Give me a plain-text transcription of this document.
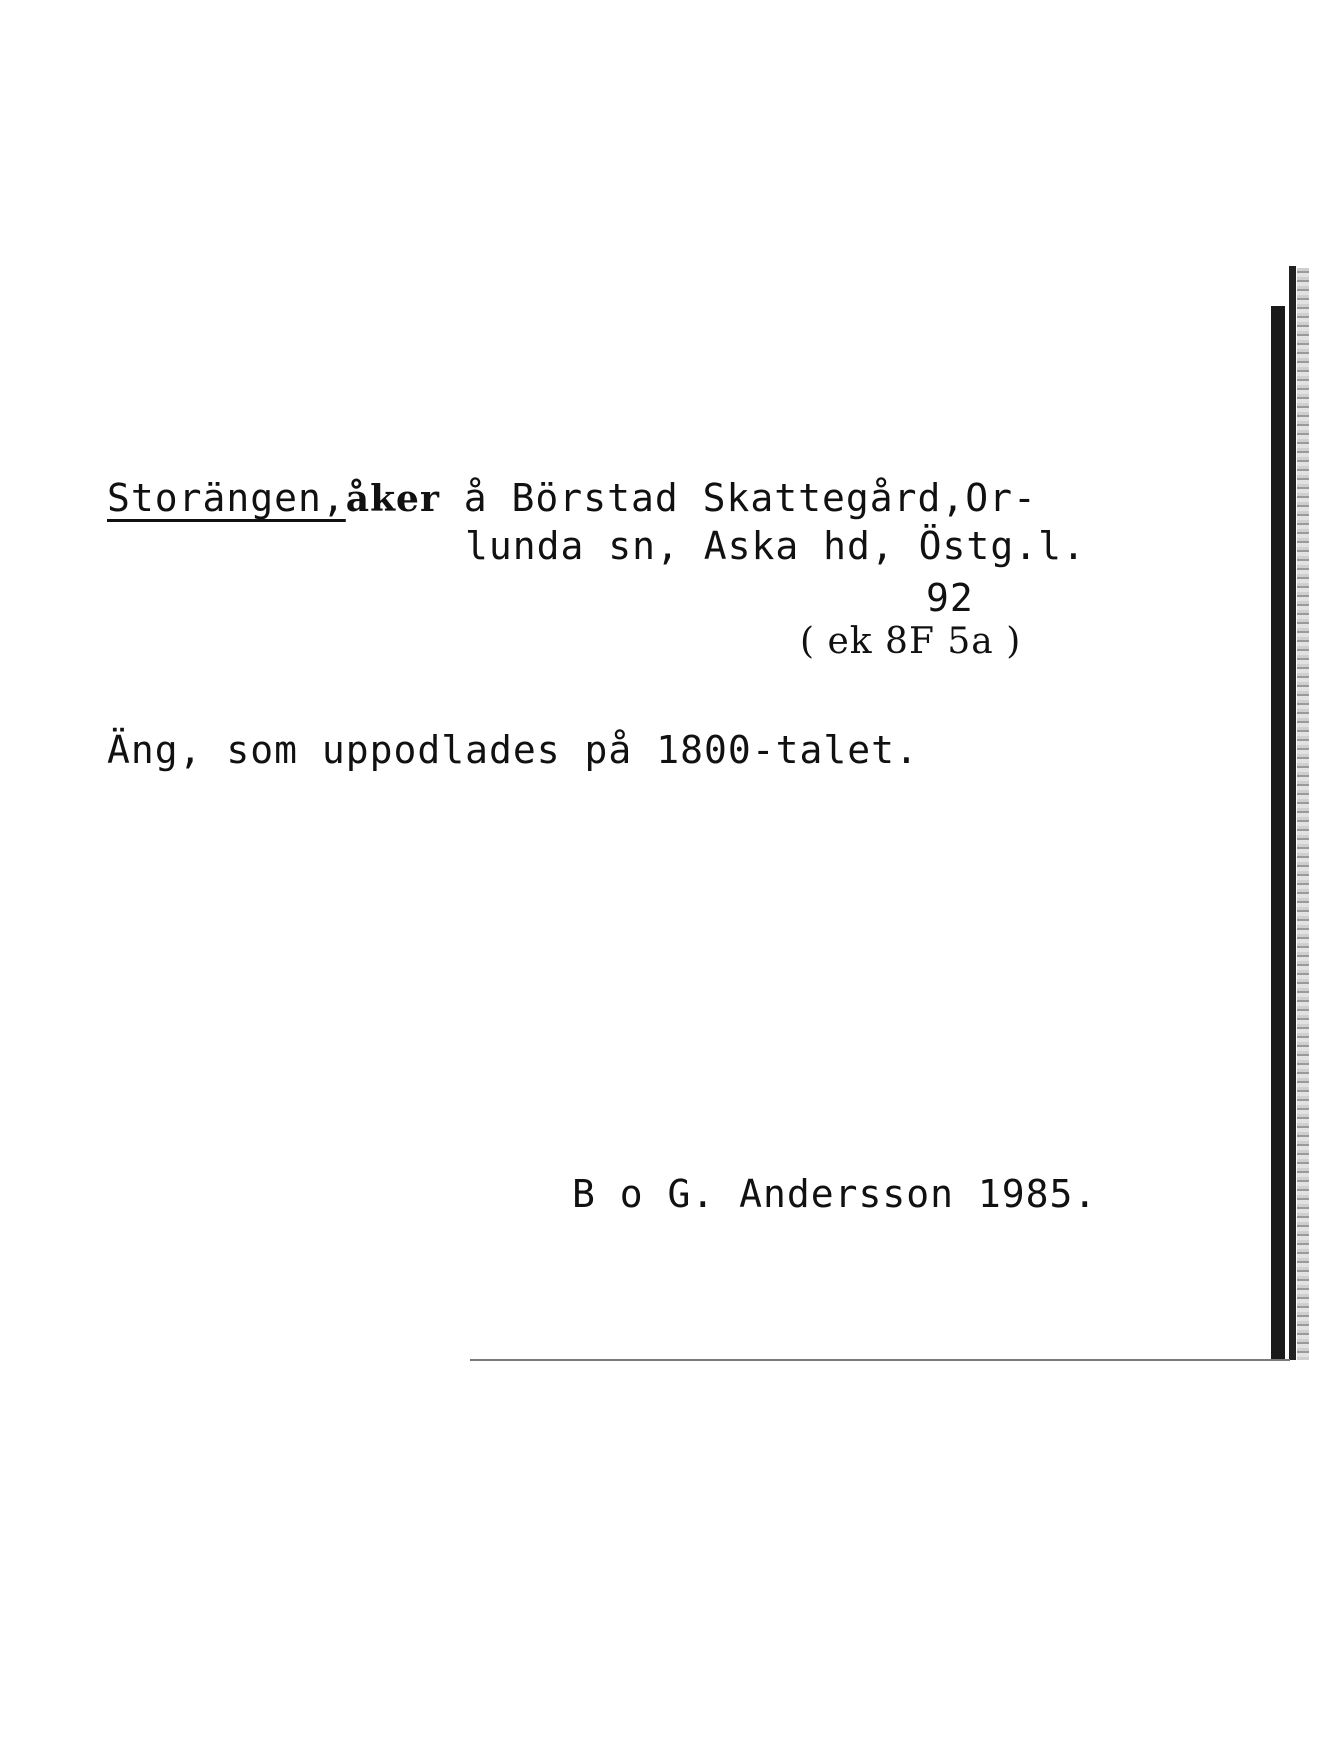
Storängen,åker å Börstad Skattegård,Or-
lunda sn, Aska hd, Östg.l.
92
( ek 8F 5a )
Äng, som uppodlades på 1800-talet.
B o G. Andersson 1985.
